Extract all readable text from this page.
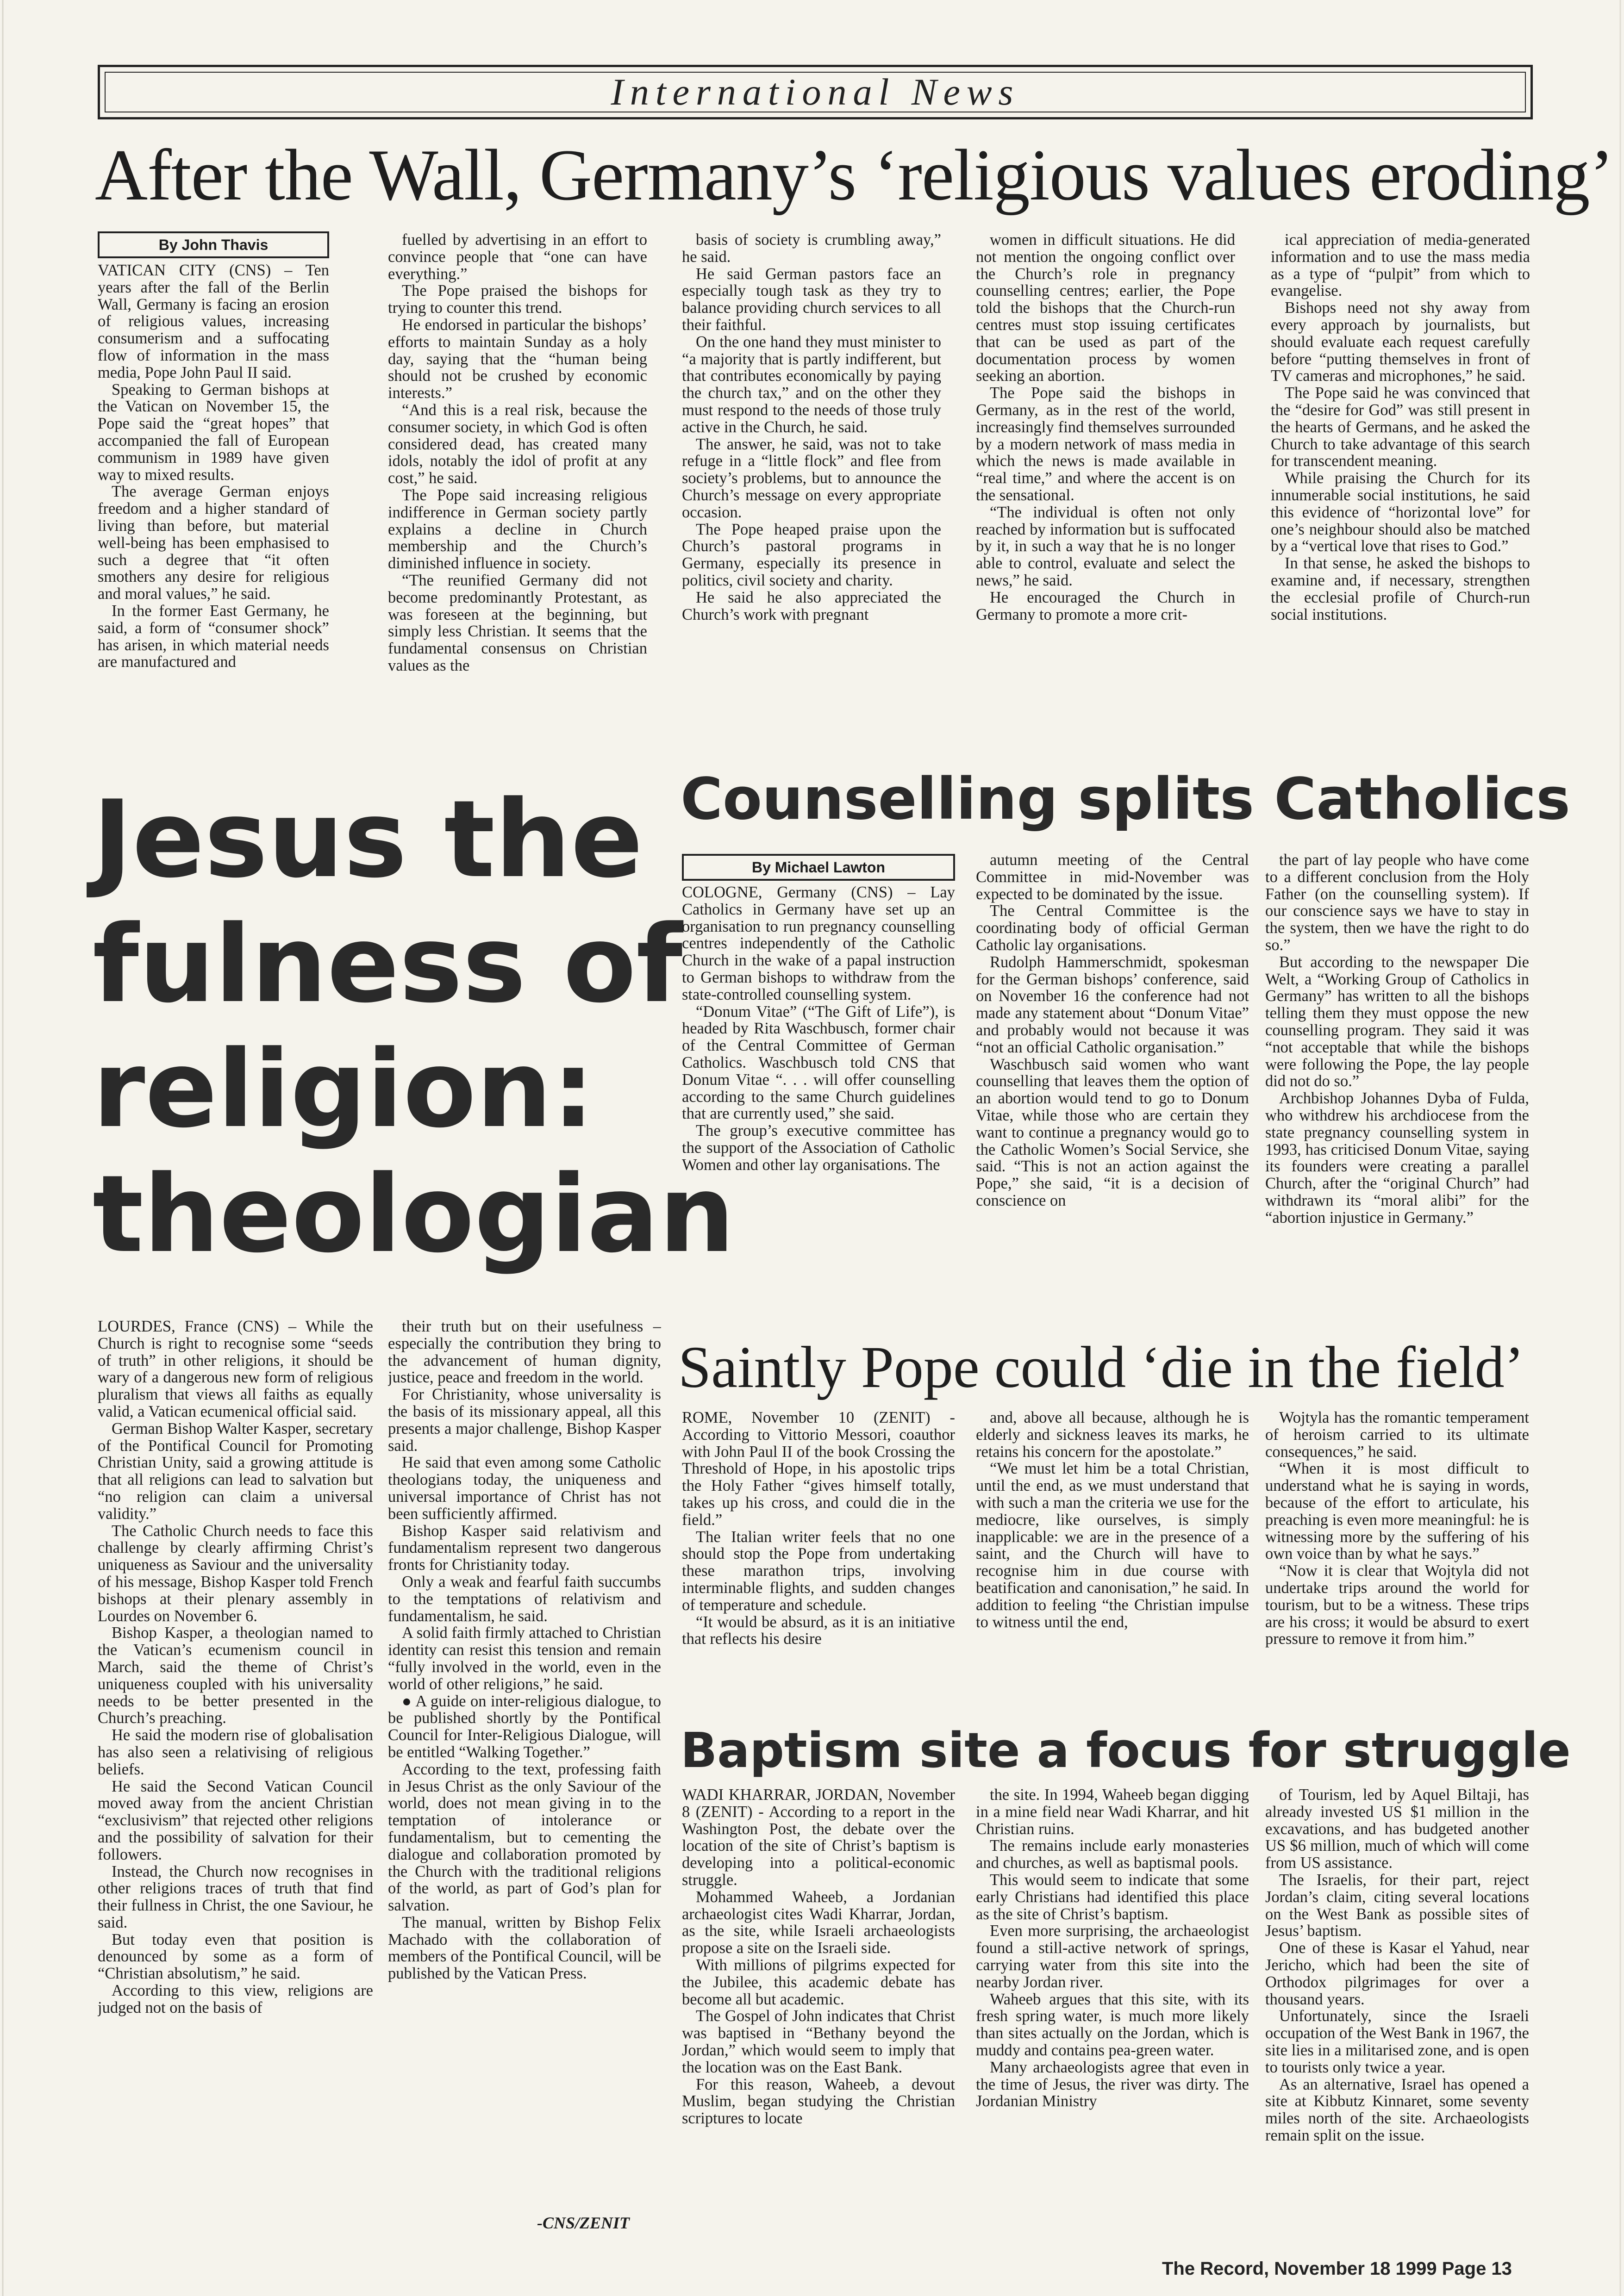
International News
After the Wall, Germany’s ‘religious values eroding’
By John Thavis

VATICAN CITY (CNS) – Ten years after the fall of the Berlin Wall, Germany is facing an erosion of religious values, increasing consumerism and a suffocating flow of information in the mass media, Pope John Paul II said.

Speaking to German bishops at the Vatican on November 15, the Pope said the “great hopes” that accompanied the fall of European communism in 1989 have given way to mixed results.

The average German enjoys freedom and a higher standard of living than before, but material well-being has been emphasised to such a degree that “it often smothers any desire for religious and moral values,” he said.

In the former East Germany, he said, a form of “consumer shock” has arisen, in which material needs are manufactured and

fuelled by advertising in an effort to convince people that “one can have everything.”

The Pope praised the bishops for trying to counter this trend.

He endorsed in particular the bishops’ efforts to maintain Sunday as a holy day, saying that the “human being should not be crushed by economic interests.”

“And this is a real risk, because the consumer society, in which God is often considered dead, has created many idols, notably the idol of profit at any cost,” he said.

The Pope said increasing religious indifference in German society partly explains a decline in Church membership and the Church’s diminished influence in society.

“The reunified Germany did not become predominantly Protestant, as was foreseen at the beginning, but simply less Christian. It seems that the fundamental consensus on Christian values as the

basis of society is crumbling away,” he said.

He said German pastors face an especially tough task as they try to balance providing church services to all their faithful.

On the one hand they must minister to “a majority that is partly indifferent, but that contributes economically by paying the church tax,” and on the other they must respond to the needs of those truly active in the Church, he said.

The answer, he said, was not to take refuge in a “little flock” and flee from society’s problems, but to announce the Church’s message on every appropriate occasion.

The Pope heaped praise upon the Church’s pastoral programs in Germany, especially its presence in politics, civil society and charity.

He said he also appreciated the Church’s work with pregnant

women in difficult situations. He did not mention the ongoing conflict over the Church’s role in pregnancy counselling centres; earlier, the Pope told the bishops that the Church-run centres must stop issuing certificates that can be used as part of the documentation process by women seeking an abortion.

The Pope said the bishops in Germany, as in the rest of the world, increasingly find themselves surrounded by a modern network of mass media in which the news is made available in “real time,” and where the accent is on the sensational.

“The individual is often not only reached by information but is suffocated by it, in such a way that he is no longer able to control, evaluate and select the news,” he said.

He encouraged the Church in Germany to promote a more crit-

ical appreciation of media-generated information and to use the mass media as a type of “pulpit” from which to evangelise.

Bishops need not shy away from every approach by journalists, but should evaluate each request carefully before “putting themselves in front of TV cameras and microphones,” he said.

The Pope said he was convinced that the “desire for God” was still present in the hearts of Germans, and he asked the Church to take advantage of this search for transcendent meaning.

While praising the Church for its innumerable social institutions, he said this evidence of “horizontal love” for one’s neighbour should also be matched by a “vertical love that rises to God.”

In that sense, he asked the bishops to examine and, if necessary, strengthen the ecclesial profile of Church-run social institutions.

Jesus the
fulness of
religion:
theologian

LOURDES, France (CNS) – While the Church is right to recognise some “seeds of truth” in other religions, it should be wary of a dangerous new form of religious pluralism that views all faiths as equally valid, a Vatican ecumenical official said.

German Bishop Walter Kasper, secretary of the Pontifical Council for Promoting Christian Unity, said a growing attitude is that all religions can lead to salvation but “no religion can claim a universal validity.”

The Catholic Church needs to face this challenge by clearly affirming Christ’s uniqueness as Saviour and the universality of his message, Bishop Kasper told French bishops at their plenary assembly in Lourdes on November 6.

Bishop Kasper, a theologian named to the Vatican’s ecumenism council in March, said the theme of Christ’s uniqueness coupled with his universality needs to be better presented in the Church’s preaching.

He said the modern rise of globalisation has also seen a relativising of religious beliefs.

He said the Second Vatican Council moved away from the ancient Christian “exclusivism” that rejected other religions and the possibility of salvation for their followers.

Instead, the Church now recognises in other religions traces of truth that find their fullness in Christ, the one Saviour, he said.

But today even that position is denounced by some as a form of “Christian absolutism,” he said.

According to this view, religions are judged not on the basis of

their truth but on their usefulness – especially the contribution they bring to the advancement of human dignity, justice, peace and freedom in the world.

For Christianity, whose universality is the basis of its missionary appeal, all this presents a major challenge, Bishop Kasper said.

He said that even among some Catholic theologians today, the uniqueness and universal importance of Christ has not been sufficiently affirmed.

Bishop Kasper said relativism and fundamentalism represent two dangerous fronts for Christianity today.

Only a weak and fearful faith succumbs to the temptations of relativism and fundamentalism, he said.

A solid faith firmly attached to Christian identity can resist this tension and remain “fully involved in the world, even in the world of other religions,” he said.

● A guide on inter-religious dialogue, to be published shortly by the Pontifical Council for Inter-Religious Dialogue, will be entitled “Walking Together.”

According to the text, professing faith in Jesus Christ as the only Saviour of the world, does not mean giving in to the temptation of intolerance or fundamentalism, but to cementing the dialogue and collaboration promoted by the Church with the traditional religions of the world, as part of God’s plan for salvation.

The manual, written by Bishop Felix Machado with the collaboration of members of the Pontifical Council, will be published by the Vatican Press.

-CNS/ZENIT
Counselling splits Catholics
By Michael Lawton

COLOGNE, Germany (CNS) – Lay Catholics in Germany have set up an organisation to run pregnancy counselling centres independently of the Catholic Church in the wake of a papal instruction to German bishops to withdraw from the state-controlled counselling system.

“Donum Vitae” (“The Gift of Life”), is headed by Rita Waschbusch, former chair of the Central Committee of German Catholics. Waschbusch told CNS that Donum Vitae “. . . will offer counselling according to the same Church guidelines that are currently used,” she said.

The group’s executive committee has the support of the Association of Catholic Women and other lay organisations. The

autumn meeting of the Central Committee in mid-November was expected to be dominated by the issue.

The Central Committee is the coordinating body of official German Catholic lay organisations.

Rudolph Hammerschmidt, spokesman for the German bishops’ conference, said on November 16 the conference had not made any statement about “Donum Vitae” and probably would not because it was “not an official Catholic organisation.”

Waschbusch said women who want counselling that leaves them the option of an abortion would tend to go to Donum Vitae, while those who are certain they want to continue a pregnancy would go to the Catholic Women’s Social Service, she said. “This is not an action against the Pope,” she said, “it is a decision of conscience on

the part of lay people who have come to a different conclusion from the Holy Father (on the counselling system). If our conscience says we have to stay in the system, then we have the right to do so.”

But according to the newspaper Die Welt, a “Working Group of Catholics in Germany” has written to all the bishops telling them they must oppose the new counselling program. They said it was “not acceptable that while the bishops were following the Pope, the lay people did not do so.”

Archbishop Johannes Dyba of Fulda, who withdrew his archdiocese from the state pregnancy counselling system in 1993, has criticised Donum Vitae, saying its founders were creating a parallel Church, after the “original Church” had withdrawn its “moral alibi” for the “abortion injustice in Germany.”

Saintly Pope could ‘die in the field’

ROME, November 10 (ZENIT) - According to Vittorio Messori, coauthor with John Paul II of the book Crossing the Threshold of Hope, in his apostolic trips the Holy Father “gives himself totally, takes up his cross, and could die in the field.”

The Italian writer feels that no one should stop the Pope from undertaking these marathon trips, involving interminable flights, and sudden changes of temperature and schedule.

“It would be absurd, as it is an initiative that reflects his desire

and, above all because, although he is elderly and sickness leaves its marks, he retains his concern for the apostolate.”

“We must let him be a total Christian, until the end, as we must understand that with such a man the criteria we use for the mediocre, like ourselves, is simply inapplicable: we are in the presence of a saint, and the Church will have to recognise him in due course with beatification and canonisation,” he said. In addition to feeling “the Christian impulse to witness until the end,

Wojtyla has the romantic temperament of heroism carried to its ultimate consequences,” he said.

“When it is most difficult to understand what he is saying in words, because of the effort to articulate, his preaching is even more meaningful: he is witnessing more by the suffering of his own voice than by what he says.”

“Now it is clear that Wojtyla did not undertake trips around the world for tourism, but to be a witness. These trips are his cross; it would be absurd to exert pressure to remove it from him.”

Baptism site a focus for struggle

WADI KHARRAR, JORDAN, November 8 (ZENIT) - According to a report in the Washington Post, the debate over the location of the site of Christ’s baptism is developing into a political-economic struggle.

Mohammed Waheeb, a Jordanian archaeologist cites Wadi Kharrar, Jordan, as the site, while Israeli archaeologists propose a site on the Israeli side.

With millions of pilgrims expected for the Jubilee, this academic debate has become all but academic.

The Gospel of John indicates that Christ was baptised in “Bethany beyond the Jordan,” which would seem to imply that the location was on the East Bank.

For this reason, Waheeb, a devout Muslim, began studying the Christian scriptures to locate

the site. In 1994, Waheeb began digging in a mine field near Wadi Kharrar, and hit Christian ruins.

The remains include early monasteries and churches, as well as baptismal pools.

This would seem to indicate that some early Christians had identified this place as the site of Christ’s baptism.

Even more surprising, the archaeologist found a still-active network of springs, carrying water from this site into the nearby Jordan river.

Waheeb argues that this site, with its fresh spring water, is much more likely than sites actually on the Jordan, which is muddy and contains pea-green water.

Many archaeologists agree that even in the time of Jesus, the river was dirty. The Jordanian Ministry

of Tourism, led by Aquel Biltaji, has already invested US $1 million in the excavations, and has budgeted another US $6 million, much of which will come from US assistance.

The Israelis, for their part, reject Jordan’s claim, citing several locations on the West Bank as possible sites of Jesus’ baptism.

One of these is Kasar el Yahud, near Jericho, which had been the site of Orthodox pilgrimages for over a thousand years.

Unfortunately, since the Israeli occupation of the West Bank in 1967, the site lies in a militarised zone, and is open to tourists only twice a year.

As an alternative, Israel has opened a site at Kibbutz Kinnaret, some seventy miles north of the site. Archaeologists remain split on the issue.

The Record, November 18 1999 Page 13
